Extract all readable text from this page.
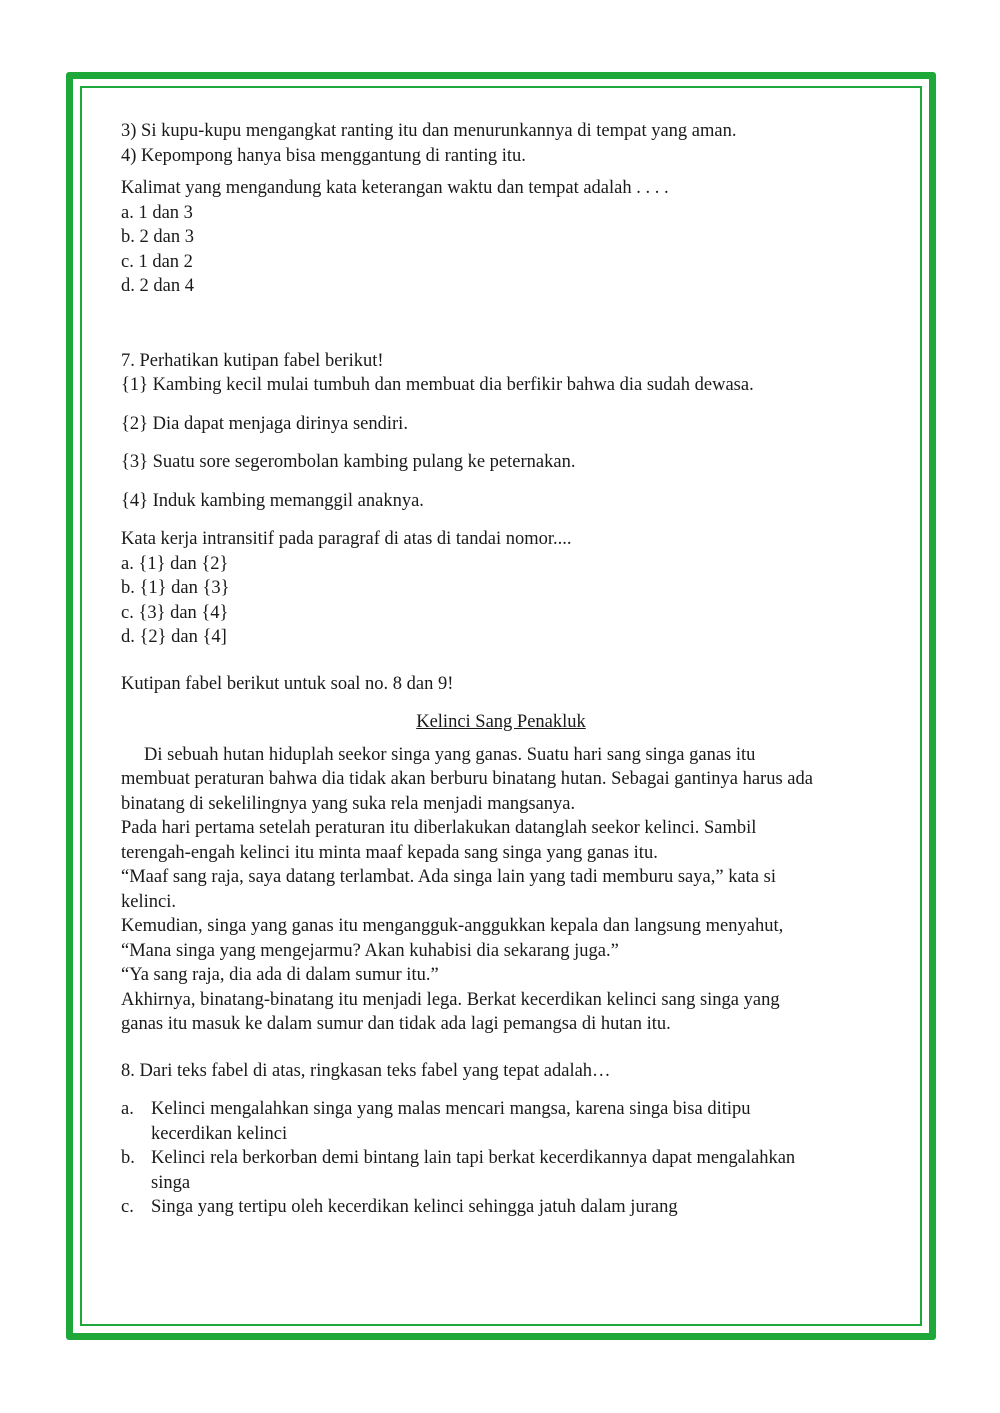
3) Si kupu-kupu mengangkat ranting itu dan menurunkannya di tempat yang aman.
4) Kepompong hanya bisa menggantung di ranting itu.
Kalimat yang mengandung kata keterangan waktu dan tempat adalah . . . .
a. 1 dan 3
b. 2 dan 3
c. 1 dan 2
d. 2 dan 4
7. Perhatikan kutipan fabel berikut!
{1} Kambing kecil mulai tumbuh dan membuat dia berfikir bahwa dia sudah dewasa.
{2} Dia dapat menjaga dirinya sendiri.
{3} Suatu sore segerombolan kambing pulang ke peternakan.
{4} Induk kambing memanggil anaknya.
Kata kerja intransitif pada paragraf di atas di tandai nomor....
a. {1} dan {2}
b. {1} dan {3}
c. {3} dan {4}
d. {2} dan {4]
Kutipan fabel berikut untuk soal no. 8 dan 9!
Kelinci Sang Penakluk
Di sebuah hutan hiduplah seekor singa yang ganas. Suatu hari sang singa ganas itu
membuat peraturan bahwa dia tidak akan berburu binatang hutan. Sebagai gantinya harus ada
binatang di sekelilingnya yang suka rela menjadi mangsanya.
Pada hari pertama setelah peraturan itu diberlakukan datanglah seekor kelinci. Sambil
terengah-engah kelinci itu minta maaf kepada sang singa yang ganas itu.
“Maaf sang raja, saya datang terlambat. Ada singa lain yang tadi memburu saya,” kata si
kelinci.
Kemudian, singa yang ganas itu mengangguk-anggukkan kepala dan langsung menyahut,
“Mana singa yang mengejarmu? Akan kuhabisi dia sekarang juga.”
“Ya sang raja, dia ada di dalam sumur itu.”
Akhirnya, binatang-binatang itu menjadi lega. Berkat kecerdikan kelinci sang singa yang
ganas itu masuk ke dalam sumur dan tidak ada lagi pemangsa di hutan itu.
8. Dari teks fabel di atas, ringkasan teks fabel yang tepat adalah…
a. Kelinci mengalahkan singa yang malas mencari mangsa, karena singa bisa ditipu
kecerdikan kelinci
b. Kelinci rela berkorban demi bintang lain tapi berkat kecerdikannya dapat mengalahkan
singa
c. Singa yang tertipu oleh kecerdikan kelinci sehingga jatuh dalam jurang
